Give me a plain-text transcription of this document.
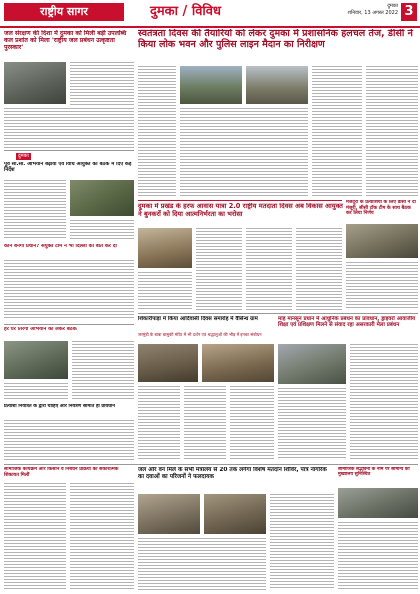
राष्ट्रीय सागर	दुमका / विविध	दुमका
शनिवार, 13 अगस्त 2022 3
जल संरक्षण की दिशा में दुमका को मिली बड़ी उपलब्धि कल प्रशांत को मिला 'राष्ट्रीय जल प्रबंधन उत्कृष्टता पुरस्कार'
स्वतंत्रता दिवस की तैयारियों को लेकर दुमका में प्रशासनिक हलचल तेज, डीसी ने किया लोक भवन और पुलिस लाइन मैदान का निरीक्षण
दुमका
पूर्व सी.सी. अभियान बढ़ावा एवं विधि आयुक्त की बैठक में दिए कई निर्देश
कौन बनेगा प्रधान? संयुक्त टीम ने भी दिल्ली की बात कर दी
दुमका में प्रखंड के हरफ आवास यात्रा 2.0 राष्ट्रीय मतदाता दिवस अब विकास आयुक्त ने बुनकरों को दिया आत्मनिर्भरता का भरोसा
मजदूरी के प्रत्याशियों के लिए डीसी ने दी मंजूरी, सीसी टॉक टीम के साथ बैठक कर लिया निर्णय
शिकारीपाड़ा में किया आदिवासी दिवस समारोह में वैसिन्ध ग्राम
जरमुंडी के बाबा बासुकी मंदिर में भी दर्शन एवं श्रद्धालुओं की भीड़ में इनका संबोधन
माह मानसून प्रधान में आधुनिक प्रबंधन का प्रावधान, ड्राइवरों आवाजीय शिक्षा एवं प्रशिक्षण मिलने से संवाद रहा असरकारी मेला प्रबंधन
हर घर तिरंगा अभियान को लेकर बैठक
प्रत्याशी नियंत्रित के द्वारा चाहिए और नियंत्रण समिति ही प्रावधान
सामाजिक कार्यक्रम और किसान व निबंधन प्रक्रिया को सकारात्मक शिकायत मिलीं
जल और वन मिले के सभी मंत्रालय से 20 तक लगेगा विशेष मतदान शिविर, पात्र नागरिक का दवाओं का परिजनों ने फलदायक
सामाजिक सद्भावना के नाम पर सामान्य का मुख्यालय सुनिश्चित
